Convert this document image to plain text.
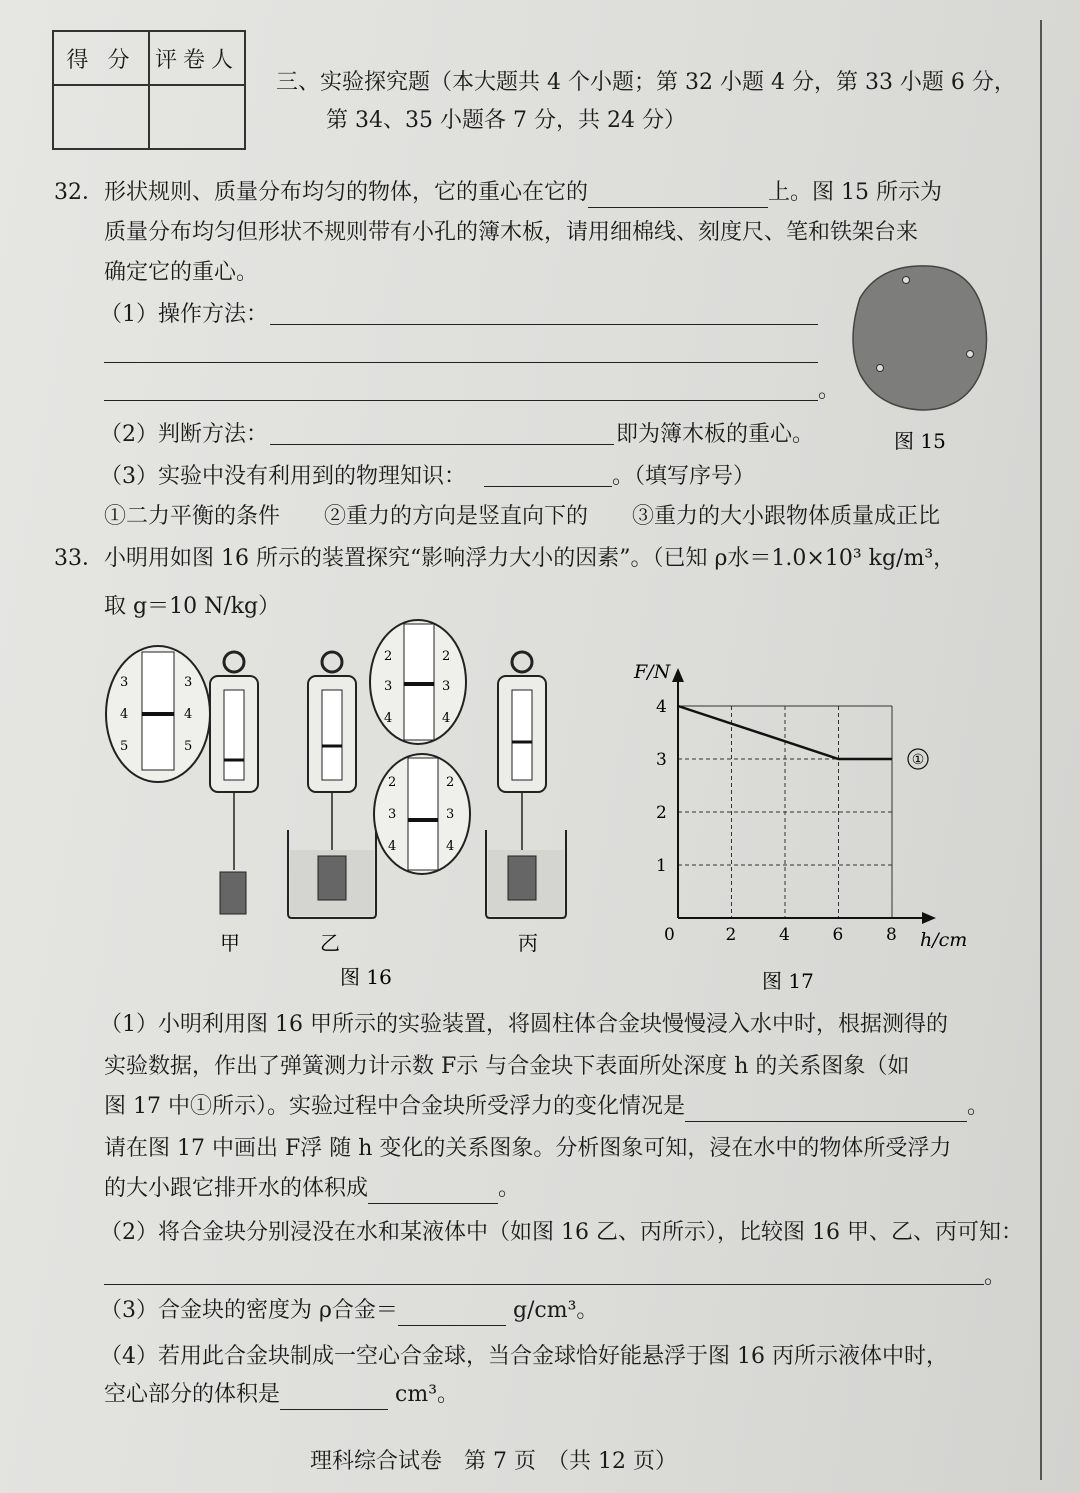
得 分	评卷人

三、实验探究题（本大题共 4 个小题；第 32 小题 4 分，第 33 小题 6 分，
第 34、35 小题各 7 分，共 24 分）
32．形状规则、质量分布均匀的物体，它的重心在它的	上。图 15 所示为
质量分布均匀但形状不规则带有小孔的簿木板，请用细棉线、刻度尺、笔和铁架台来
确定它的重心。
（1）操作方法：
。
（2）判断方法：	即为簿木板的重心。
（3）实验中没有利用到的物理知识：	。（填写序号）
①二力平衡的条件　　②重力的方向是竖直向下的　　③重力的大小跟物体质量成正比
图 15
33．小明用如图 16 所示的装置探究“影响浮力大小的因素”。（已知 ρ水＝1.0×10³ kg/m³，
取 g＝10 N/kg）
3	3
4	4
5	5
2	2
3	3
4	4
2	2
3	3
4	4
甲	乙	丙
图 16
0	2	4	6	8
1
2
3
4
①
F/N
h/cm
图 17
（1）小明利用图 16 甲所示的实验装置，将圆柱体合金块慢慢浸入水中时，根据测得的
实验数据，作出了弹簧测力计示数 F示 与合金块下表面所处深度 h 的关系图象（如
图 17 中①所示）。实验过程中合金块所受浮力的变化情况是	。
请在图 17 中画出 F浮 随 h 变化的关系图象。分析图象可知，浸在水中的物体所受浮力
的大小跟它排开水的体积成	。
（2）将合金块分别浸没在水和某液体中（如图 16 乙、丙所示），比较图 16 甲、乙、丙可知：
。
（3）合金块的密度为 ρ合金＝	g/cm³。
（4）若用此合金块制成一空心合金球，当合金球恰好能悬浮于图 16 丙所示液体中时，
空心部分的体积是	cm³。
理科综合试卷　第 7 页　（共 12 页）
